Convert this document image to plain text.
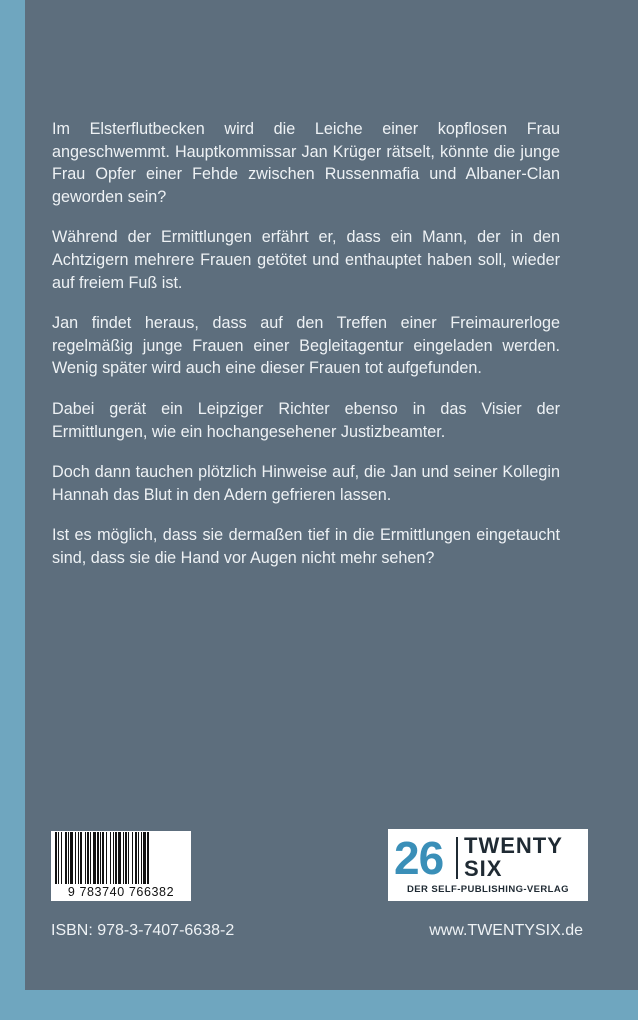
Im Elsterflutbecken wird die Leiche einer kopflosen Frau angeschwemmt. Hauptkommissar Jan Krüger rätselt, könnte die junge Frau Opfer einer Fehde zwischen Russenmafia und Albaner-Clan geworden sein?

Während der Ermittlungen erfährt er, dass ein Mann, der in den Achtzigern mehrere Frauen getötet und enthauptet haben soll, wieder auf freiem Fuß ist.

Jan findet heraus, dass auf den Treffen einer Freimaurerloge regelmäßig junge Frauen einer Begleitagentur eingeladen werden. Wenig später wird auch eine dieser Frauen tot aufgefunden.

Dabei gerät ein Leipziger Richter ebenso in das Visier der Ermittlungen, wie ein hochangesehener Justizbeamter.

Doch dann tauchen plötzlich Hinweise auf, die Jan und seiner Kollegin Hannah das Blut in den Adern gefrieren lassen.

Ist es möglich, dass sie dermaßen tief in die Ermittlungen eingetaucht sind, dass sie die Hand vor Augen nicht mehr sehen?

9 783740 766382
26 TWENTY
SIX
DER SELF-PUBLISHING-VERLAG
ISBN: 978-3-7407-6638-2	www.TWENTYSIX.de
